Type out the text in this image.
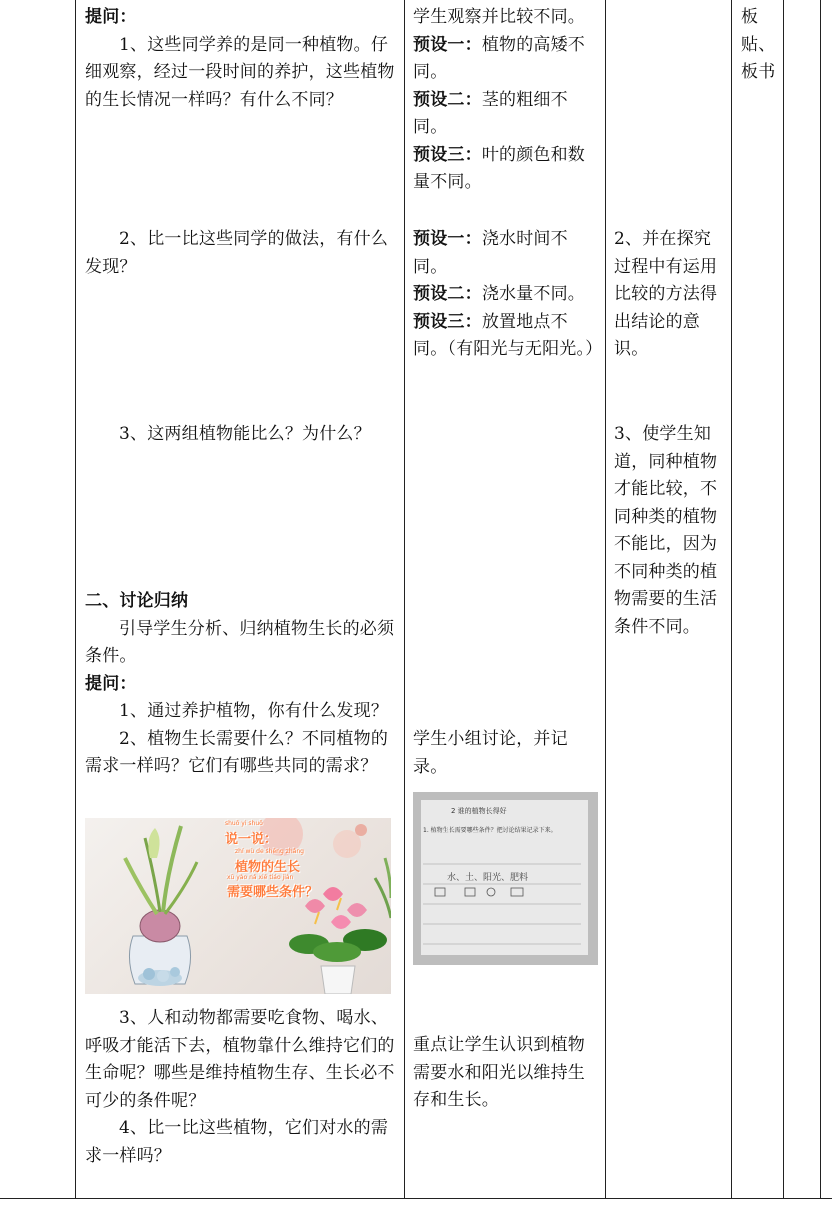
提问：

1、这些同学养的是同一种植物。仔细观察，经过一段时间的养护，这些植物的生长情况一样吗？有什么不同？

2、比一比这些同学的做法，有什么发现？

3、这两组植物能比么？为什么？

二、讨论归纳

引导学生分析、归纳植物生长的必须条件。

提问：

1、通过养护植物，你有什么发现？

2、植物生长需要什么？不同植物的需求一样吗？它们有哪些共同的需求？

shuō yi shuō
说一说：
zhí wù de shēng zhǎng
植物的生长
xū yào nǎ xiē tiáo jiàn
需要哪些条件？

3、人和动物都需要吃食物、喝水、呼吸才能活下去，植物靠什么维持它们的生命呢？哪些是维持植物生存、生长必不可少的条件呢？

4、比一比这些植物，它们对水的需求一样吗？

学生观察并比较不同。

预设一：植物的高矮不同。

预设二：茎的粗细不同。

预设三：叶的颜色和数量不同。

预设一：浇水时间不同。

预设二：浇水量不同。

预设三：放置地点不同。（有阳光与无阳光。）

学生小组讨论，并记录。

2 谁的植物长得好
1. 植物生长需要哪些条件？把讨论结果记录下来。
水、土、阳光、肥料

重点让学生认识到植物需要水和阳光以维持生存和生长。

2、并在探究过程中有运用比较的方法得出结论的意识。

3、使学生知道，同种植物才能比较，不同种类的植物不能比，因为不同种类的植物需要的生活条件不同。

板贴、板书
